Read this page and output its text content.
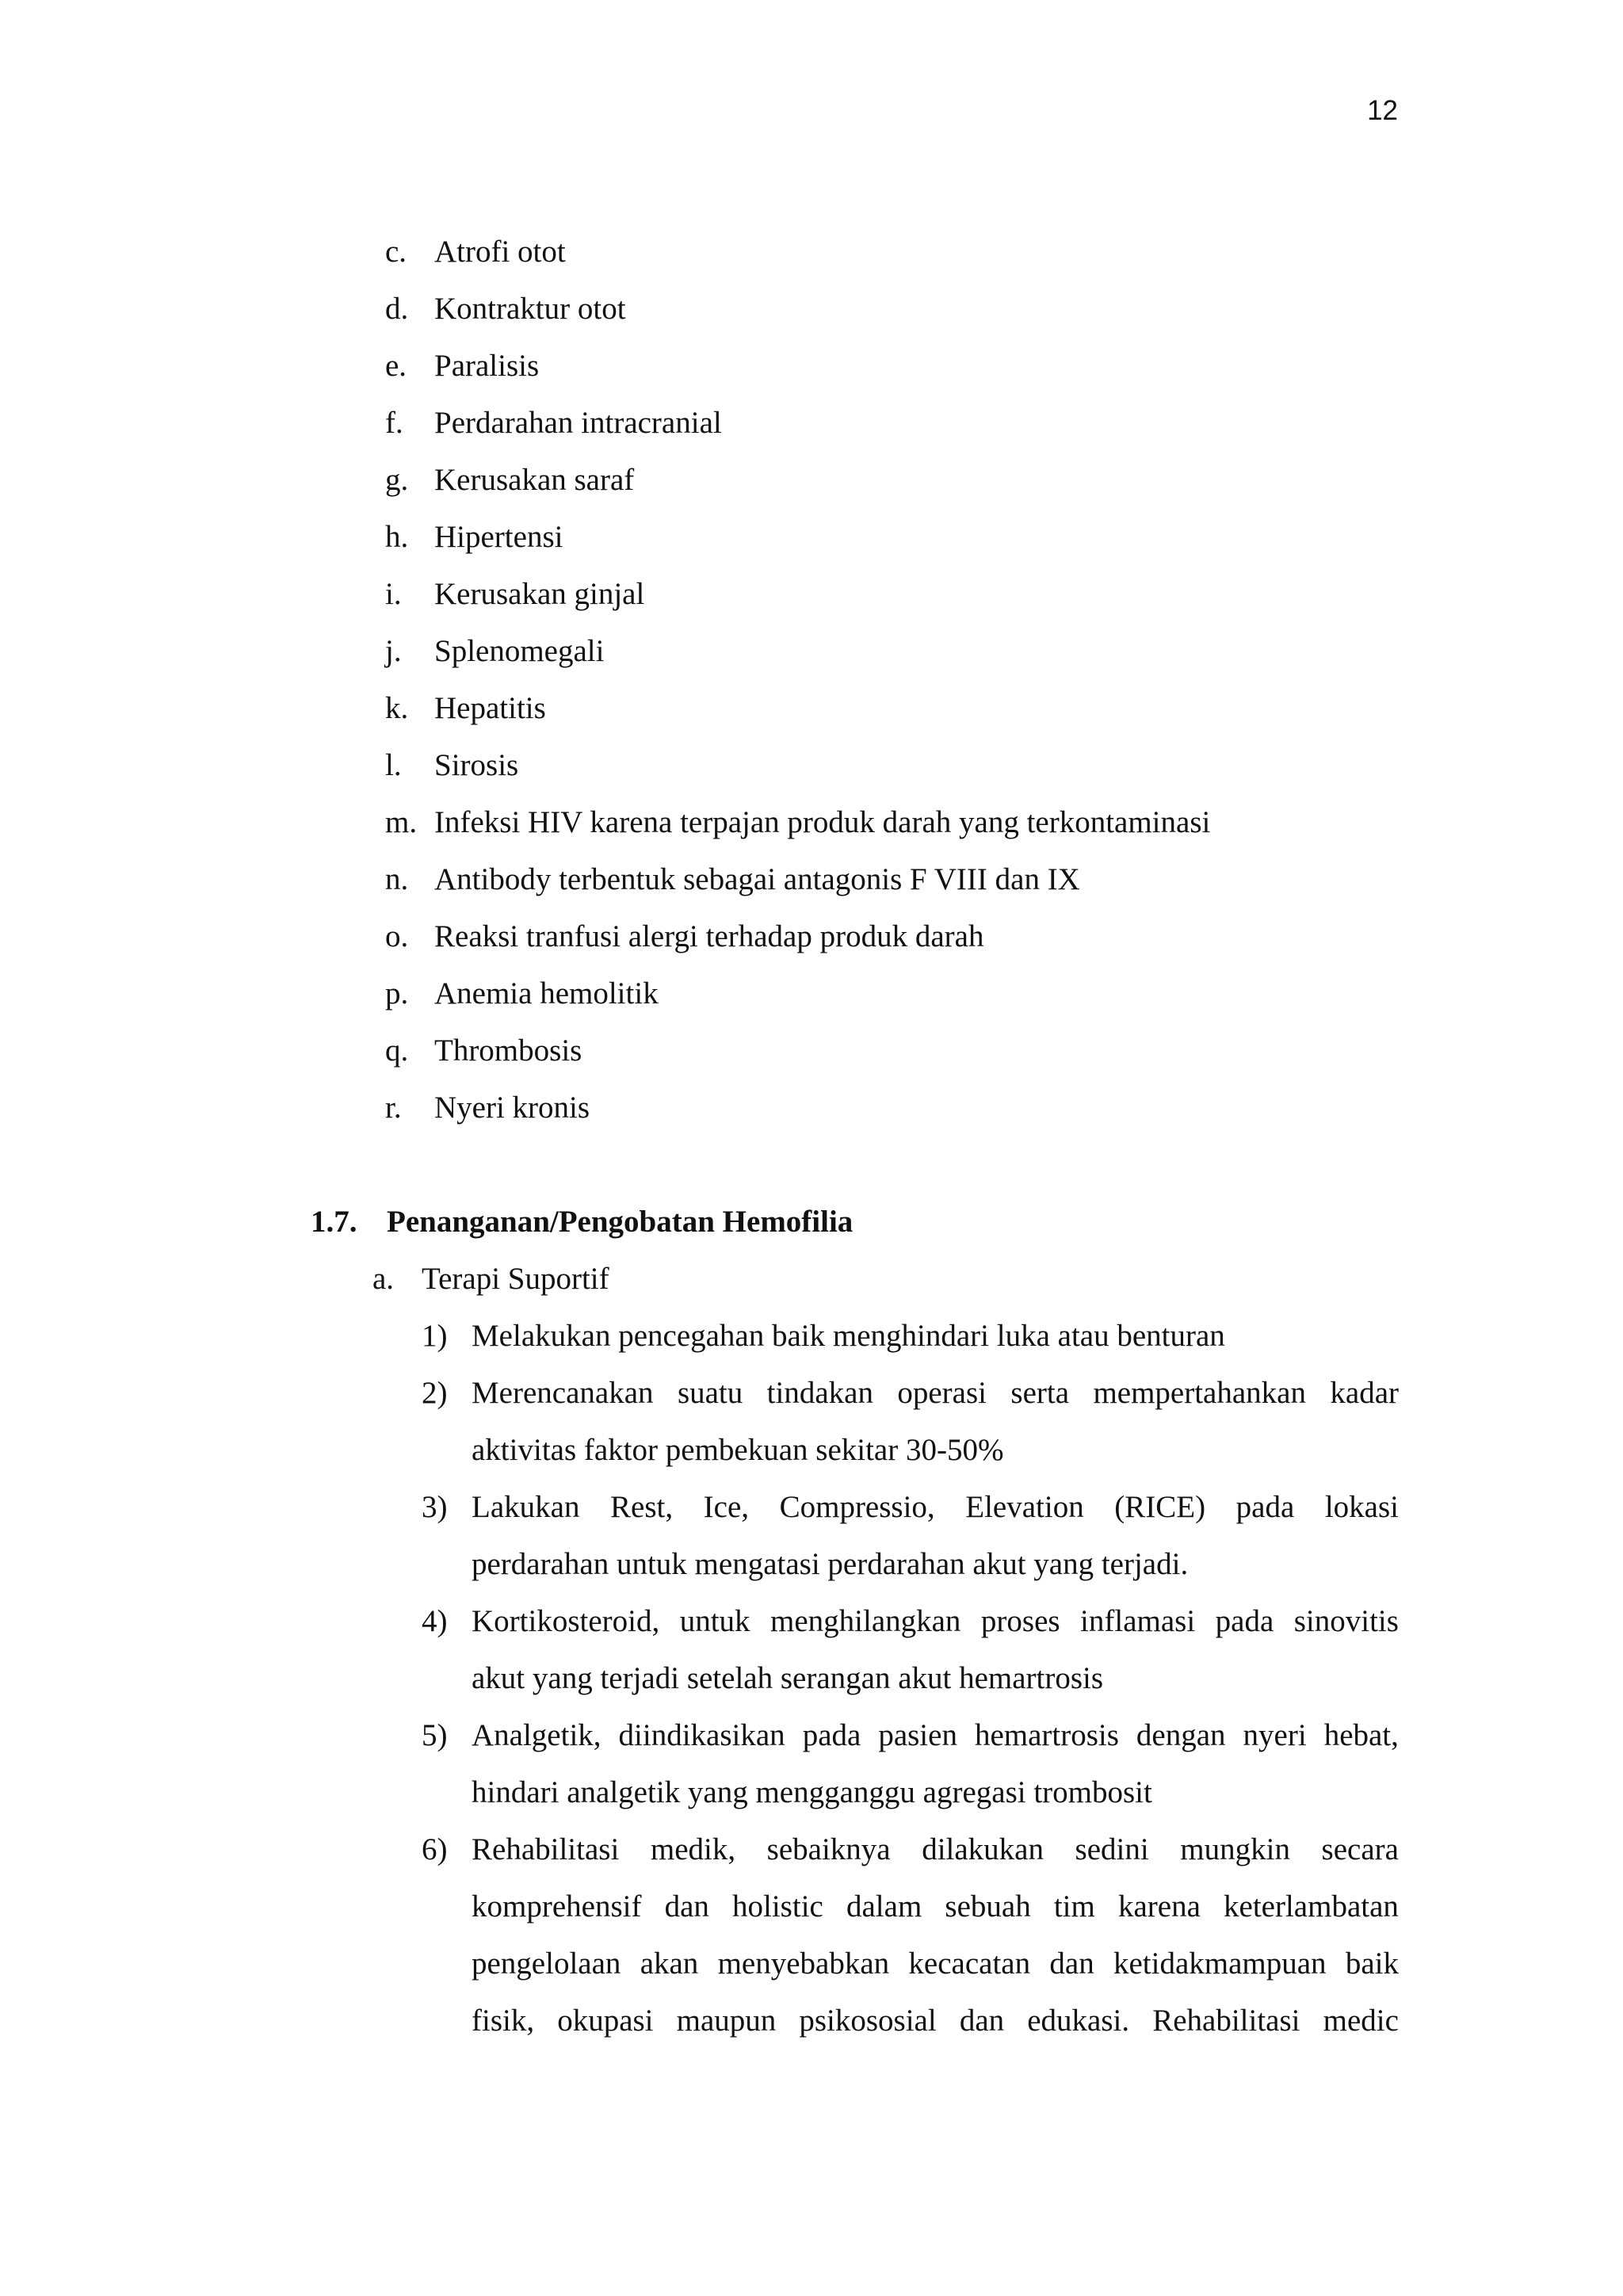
12
c. Atrofi otot
d. Kontraktur otot
e. Paralisis
f. Perdarahan intracranial
g. Kerusakan saraf
h. Hipertensi
i. Kerusakan ginjal
j. Splenomegali
k. Hepatitis
l. Sirosis
m. Infeksi HIV karena terpajan produk darah yang terkontaminasi
n. Antibody terbentuk sebagai antagonis F VIII dan IX
o. Reaksi tranfusi alergi terhadap produk darah
p. Anemia hemolitik
q. Thrombosis
r. Nyeri kronis
1.7. Penanganan/Pengobatan Hemofilia
a. Terapi Suportif
1) Melakukan pencegahan baik menghindari luka atau benturan
2) Merencanakan suatu tindakan operasi serta mempertahankan kadar
aktivitas faktor pembekuan sekitar 30-50%
3) Lakukan Rest, Ice, Compressio, Elevation (RICE) pada lokasi
perdarahan untuk mengatasi perdarahan akut yang terjadi.
4) Kortikosteroid, untuk menghilangkan proses inflamasi pada sinovitis
akut yang terjadi setelah serangan akut hemartrosis
5) Analgetik, diindikasikan pada pasien hemartrosis dengan nyeri hebat,
hindari analgetik yang mengganggu agregasi trombosit
6) Rehabilitasi medik, sebaiknya dilakukan sedini mungkin secara
komprehensif dan holistic dalam sebuah tim karena keterlambatan
pengelolaan akan menyebabkan kecacatan dan ketidakmampuan baik
fisik, okupasi maupun psikososial dan edukasi. Rehabilitasi medic
